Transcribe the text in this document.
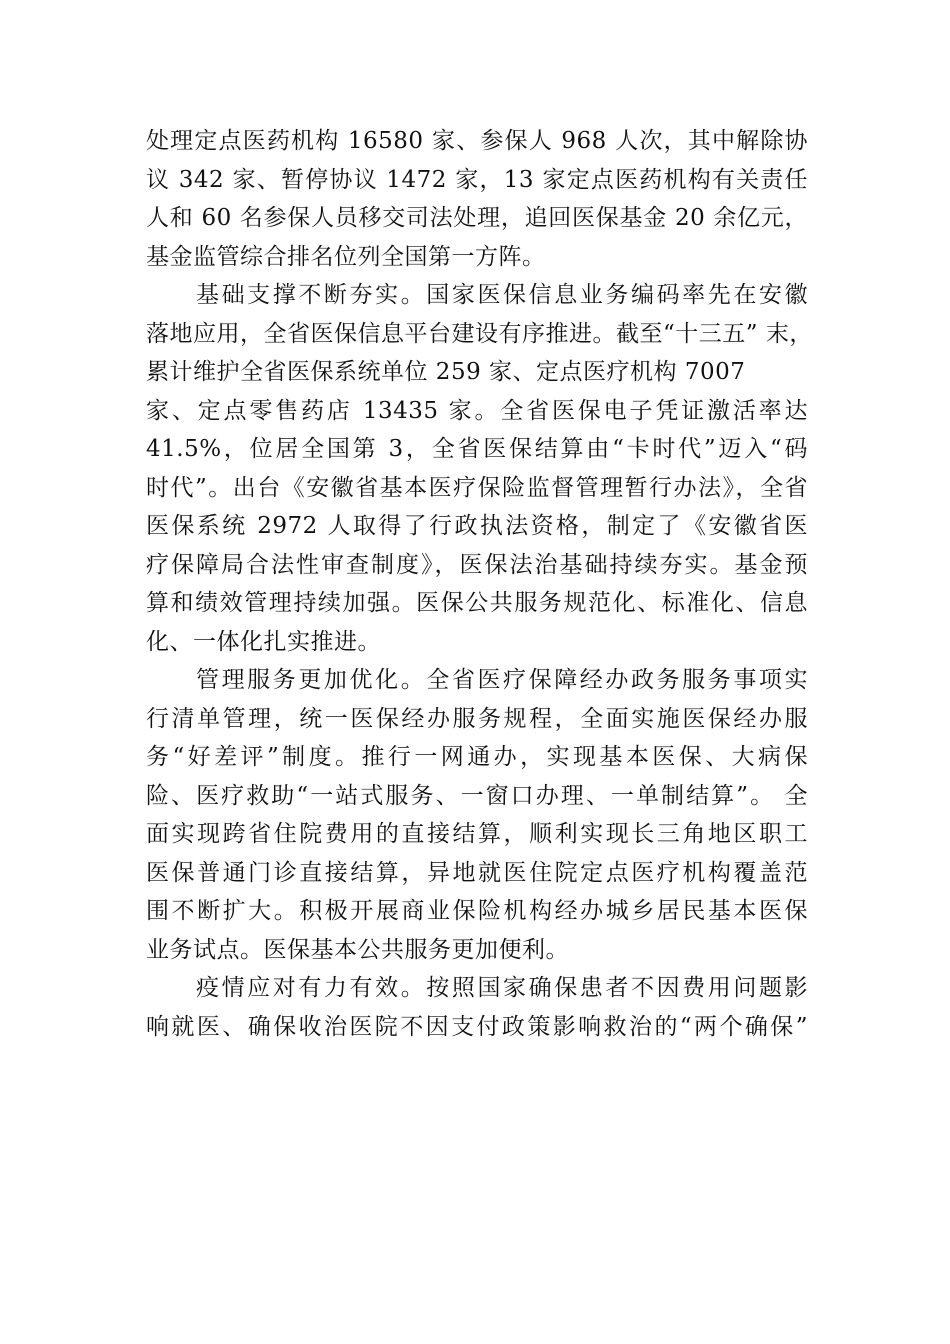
处理定点医药机构 16580 家、参保人 968 人次，其中解除协
议 342 家、暂停协议 1472 家，13 家定点医药机构有关责任
人和 60 名参保人员移交司法处理，追回医保基金 20 余亿元，
基金监管综合排名位列全国第一方阵。
基础支撑不断夯实。国家医保信息业务编码率先在安徽
落地应用，全省医保信息平台建设有序推进。截至“十三五” 末，
累计维护全省医保系统单位 259 家、定点医疗机构 7007
家、定点零售药店 13435 家。全省医保电子凭证激活率达
41.5%，位居全国第 3，全省医保结算由“卡时代”迈入“码
时代”。出台《安徽省基本医疗保险监督管理暂行办法》，全省
医保系统 2972 人取得了行政执法资格，制定了《安徽省医
疗保障局合法性审查制度》，医保法治基础持续夯实。基金预
算和绩效管理持续加强。医保公共服务规范化、标准化、信息
化、一体化扎实推进。
管理服务更加优化。全省医疗保障经办政务服务事项实
行清单管理，统一医保经办服务规程，全面实施医保经办服
务“好差评”制度。推行一网通办，实现基本医保、大病保
险、医疗救助“一站式服务、一窗口办理、一单制结算”。 全
面实现跨省住院费用的直接结算，顺利实现长三角地区职工
医保普通门诊直接结算，异地就医住院定点医疗机构覆盖范
围不断扩大。积极开展商业保险机构经办城乡居民基本医保
业务试点。医保基本公共服务更加便利。
疫情应对有力有效。按照国家确保患者不因费用问题影
响就医、确保收治医院不因支付政策影响救治的“两个确保”
